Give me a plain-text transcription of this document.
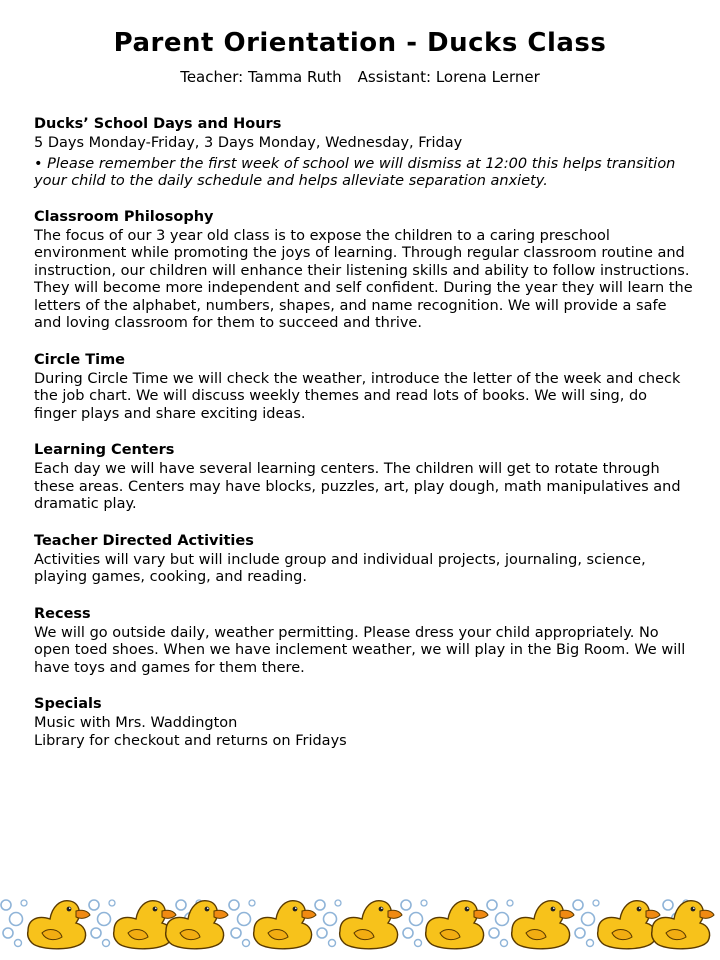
Parent Orientation - Ducks Class
Teacher: Tamma Ruth Assistant: Lorena Lerner
Ducks’ School Days and Hours

5 Days Monday-Friday, 3 Days Monday, Wednesday, Friday

• Please remember the first week of school we will dismiss at 12:00 this helps transition your child to the daily schedule and helps alleviate separation anxiety.

Classroom Philosophy

The focus of our 3 year old class is to expose the children to a caring preschool environment while promoting the joys of learning. Through regular classroom routine and instruction, our children will enhance their listening skills and ability to follow instructions. They will become more independent and self confident. During the year they will learn the letters of the alphabet, numbers, shapes, and name recognition. We will provide a safe and loving classroom for them to succeed and thrive.

Circle Time

During Circle Time we will check the weather, introduce the letter of the week and check the job chart. We will discuss weekly themes and read lots of books. We will sing, do finger plays and share exciting ideas.

Learning Centers

Each day we will have several learning centers. The children will get to rotate through these areas. Centers may have blocks, puzzles, art, play dough, math manipulatives and dramatic play.

Teacher Directed Activities

Activities will vary but will include group and individual projects, journaling, science, playing games, cooking, and reading.

Recess

We will go outside daily, weather permitting. Please dress your child appropriately. No open toed shoes. When we have inclement weather, we will play in the Big Room. We will have toys and games for them there.

Specials

Music with Mrs. Waddington
Library for checkout and returns on Fridays
